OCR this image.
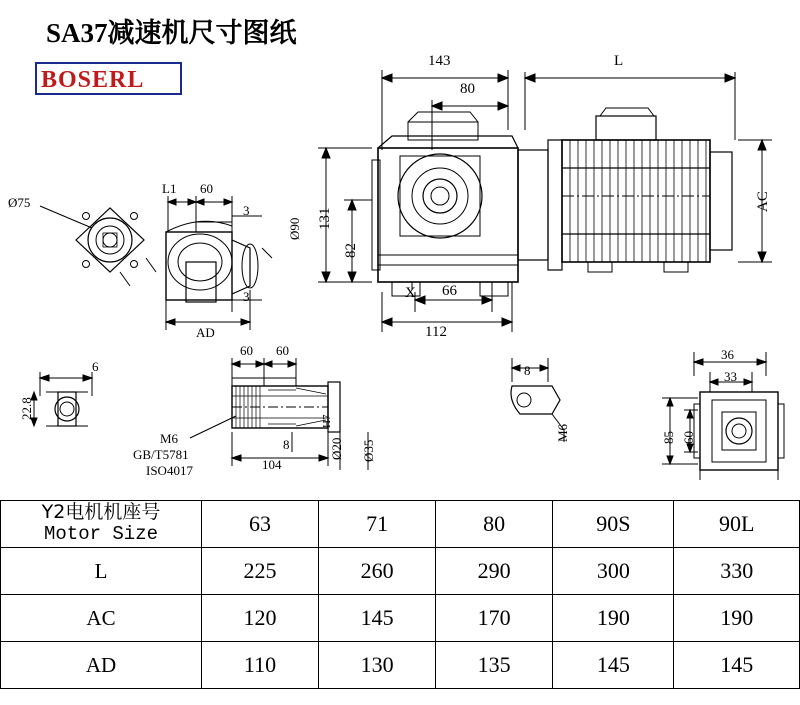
SA37减速机尺寸图纸
BOSERL
143	L
80
131
82
AC
X 66
112
L1 60
3
3
Ø90
AD
Ø75
6
22.8
60 60
M6
GB/T5781
ISO4017
8
104
Ø20
H7
Ø35
8
M6
36
33
85 60
Y2电机机座号
Motor Size	63	71	80	90S	90L
L	225	260	290	300	330
AC	120	145	170	190	190
AD	110	130	135	145	145
